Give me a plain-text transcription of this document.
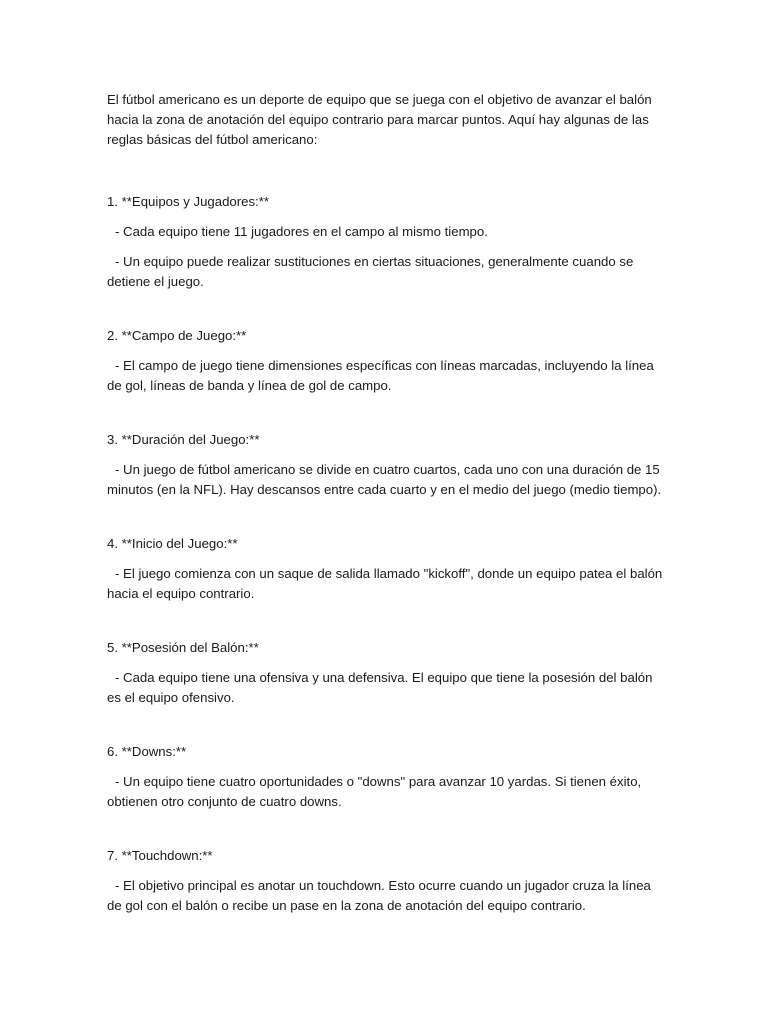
El fútbol americano es un deporte de equipo que se juega con el objetivo de avanzar el balón hacia la zona de anotación del equipo contrario para marcar puntos. Aquí hay algunas de las reglas básicas del fútbol americano:

1. **Equipos y Jugadores:**

- Cada equipo tiene 11 jugadores en el campo al mismo tiempo.

- Un equipo puede realizar sustituciones en ciertas situaciones, generalmente cuando se detiene el juego.

2. **Campo de Juego:**

- El campo de juego tiene dimensiones específicas con líneas marcadas, incluyendo la línea de gol, líneas de banda y línea de gol de campo.

3. **Duración del Juego:**

- Un juego de fútbol americano se divide en cuatro cuartos, cada uno con una duración de 15 minutos (en la NFL). Hay descansos entre cada cuarto y en el medio del juego (medio tiempo).

4. **Inicio del Juego:**

- El juego comienza con un saque de salida llamado "kickoff", donde un equipo patea el balón hacia el equipo contrario.

5. **Posesión del Balón:**

- Cada equipo tiene una ofensiva y una defensiva. El equipo que tiene la posesión del balón es el equipo ofensivo.

6. **Downs:**

- Un equipo tiene cuatro oportunidades o "downs" para avanzar 10 yardas. Si tienen éxito, obtienen otro conjunto de cuatro downs.

7. **Touchdown:**

- El objetivo principal es anotar un touchdown. Esto ocurre cuando un jugador cruza la línea de gol con el balón o recibe un pase en la zona de anotación del equipo contrario.
